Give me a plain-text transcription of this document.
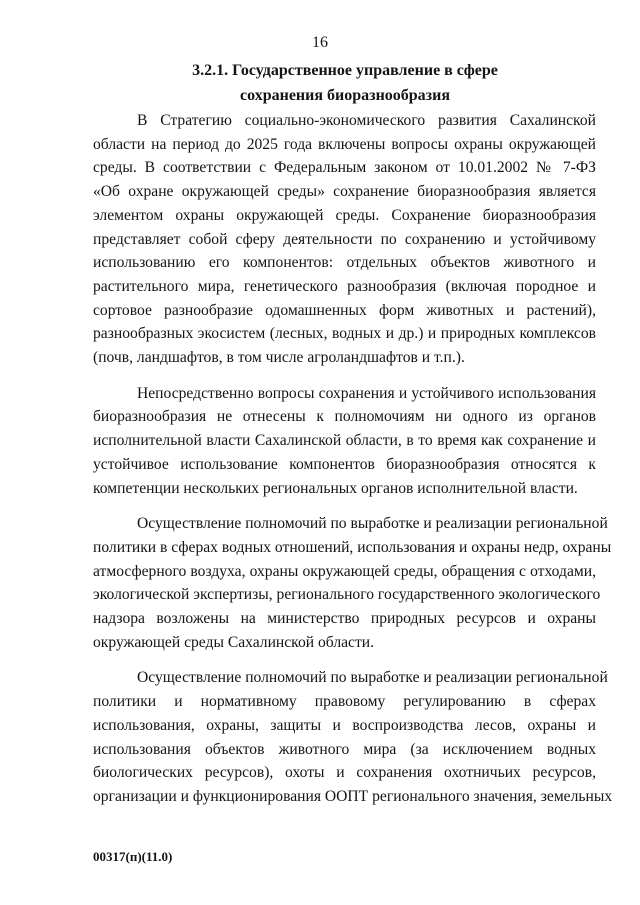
16
3.2.1. Государственное управление в сфере
сохранения биоразнообразия

В Стратегию социально-экономического развития Сахалинской
области на период до 2025 года включены вопросы охраны окружающей
среды. В соответствии с Федеральным законом от 10.01.2002 № 7-ФЗ
«Об охране окружающей среды» сохранение биоразнообразия является
элементом охраны окружающей среды. Сохранение биоразнообразия
представляет собой сферу деятельности по сохранению и устойчивому
использованию его компонентов: отдельных объектов животного и
растительного мира, генетического разнообразия (включая породное и
сортовое разнообразие одомашненных форм животных и растений),
разнообразных экосистем (лесных, водных и др.) и природных комплексов
(почв, ландшафтов, в том числе агроландшафтов и т.п.).

Непосредственно вопросы сохранения и устойчивого использования
биоразнообразия не отнесены к полномочиям ни одного из органов
исполнительной власти Сахалинской области, в то время как сохранение и
устойчивое использование компонентов биоразнообразия относятся к
компетенции нескольких региональных органов исполнительной власти.

Осуществление полномочий по выработке и реализации региональной
политики в сферах водных отношений, использования и охраны недр, охраны
атмосферного воздуха, охраны окружающей среды, обращения с отходами,
экологической экспертизы, регионального государственного экологического
надзора возложены на министерство природных ресурсов и охраны
окружающей среды Сахалинской области.

Осуществление полномочий по выработке и реализации региональной
политики и нормативному правовому регулированию в сферах
использования, охраны, защиты и воспроизводства лесов, охраны и
использования объектов животного мира (за исключением водных
биологических ресурсов), охоты и сохранения охотничьих ресурсов,
организации и функционирования ООПТ регионального значения, земельных

00317(п)(11.0)
